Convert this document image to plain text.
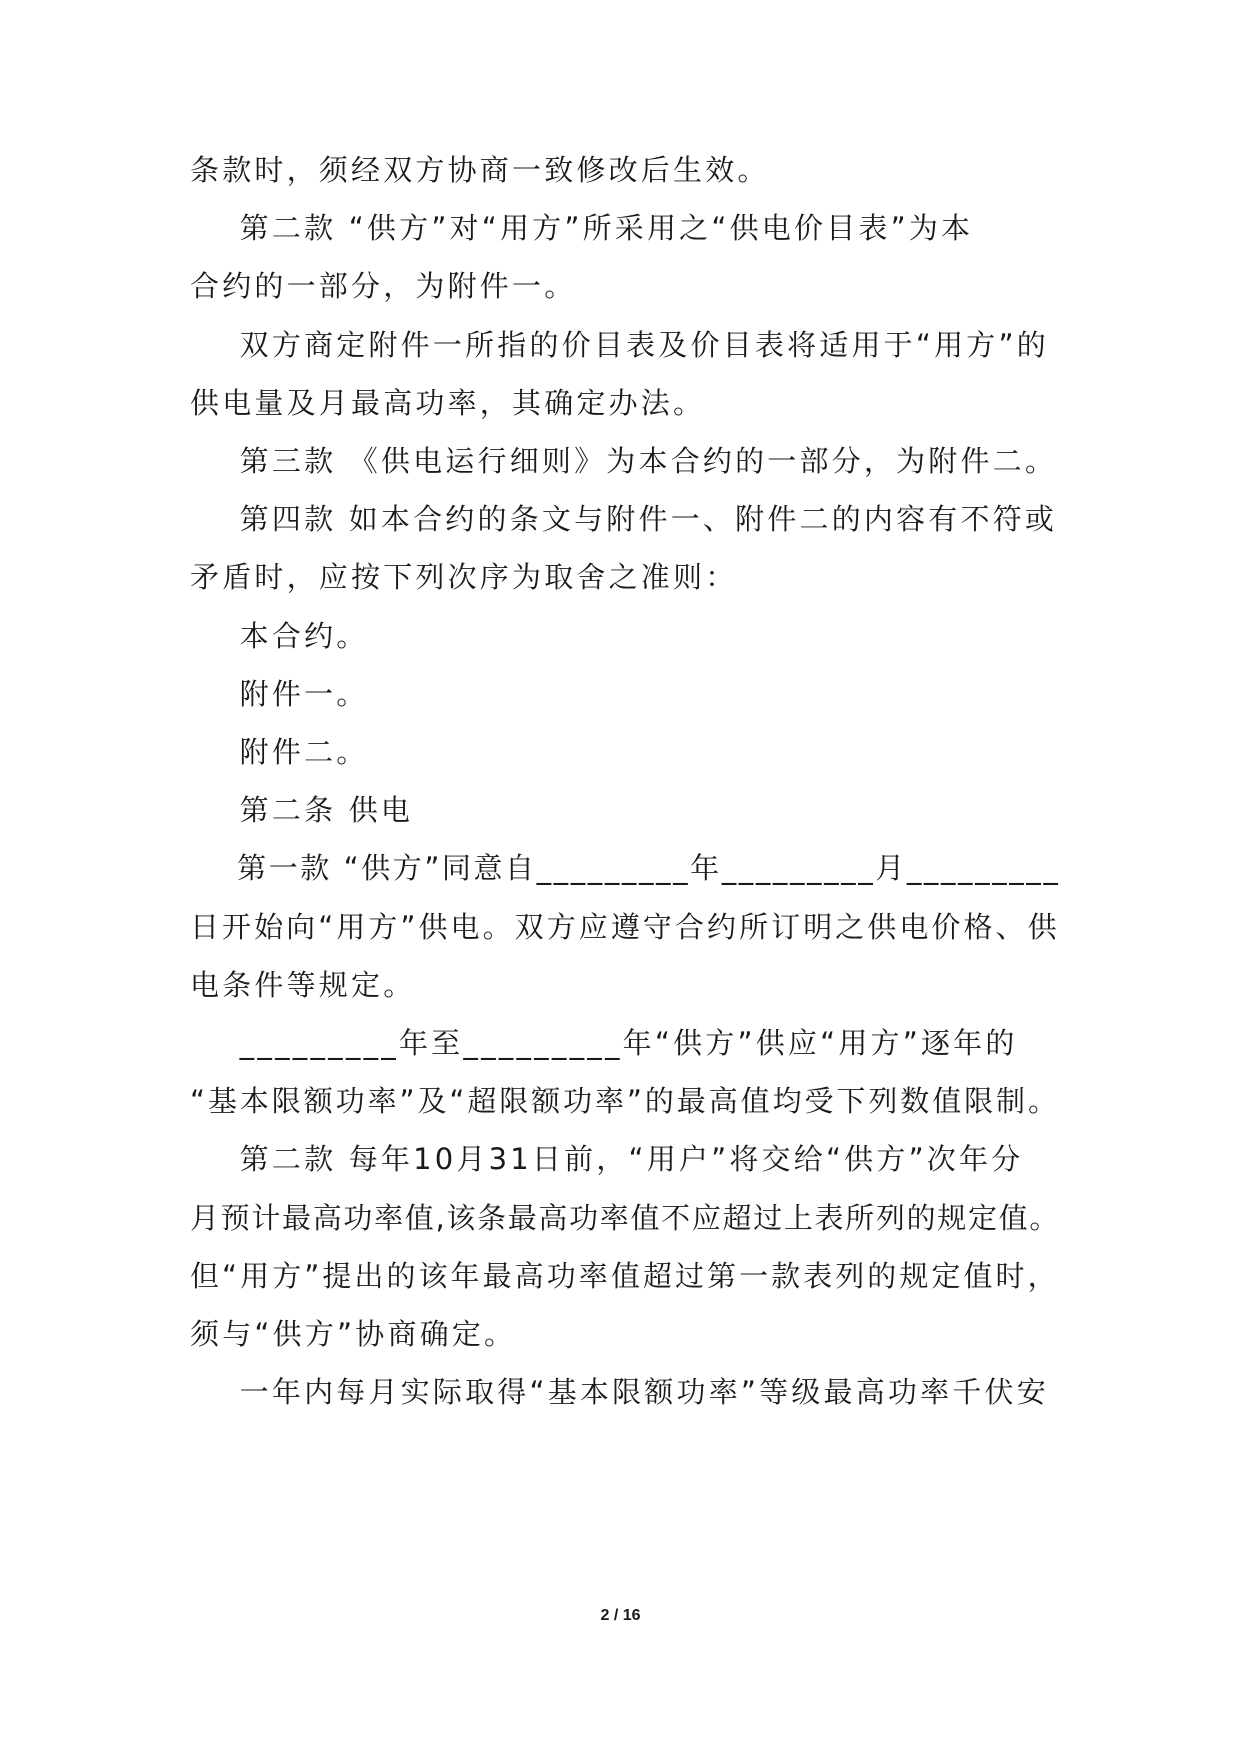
条款时，须经双方协商一致修改后生效。
第二款 “供方”对“用方”所采用之“供电价目表”为本
合约的一部分，为附件一。
双方商定附件一所指的价目表及价目表将适用于“用方”的
供电量及月最高功率，其确定办法。
第三款 《供电运行细则》为本合约的一部分，为附件二。
第四款 如本合约的条文与附件一、附件二的内容有不符或
矛盾时，应按下列次序为取舍之准则：
本合约。
附件一。
附件二。
第二条 供电
第一款 “供方”同意自_________年_________月_________
日开始向“用方”供电。双方应遵守合约所订明之供电价格、供
电条件等规定。
_________年至_________年“供方”供应“用方”逐年的
“基本限额功率”及“超限额功率”的最高值均受下列数值限制。
第二款 每年10月31日前，“用户”将交给“供方”次年分
月预计最高功率值,该条最高功率值不应超过上表所列的规定值。
但“用方”提出的该年最高功率值超过第一款表列的规定值时，
须与“供方”协商确定。
一年内每月实际取得“基本限额功率”等级最高功率千伏安
2 / 16
